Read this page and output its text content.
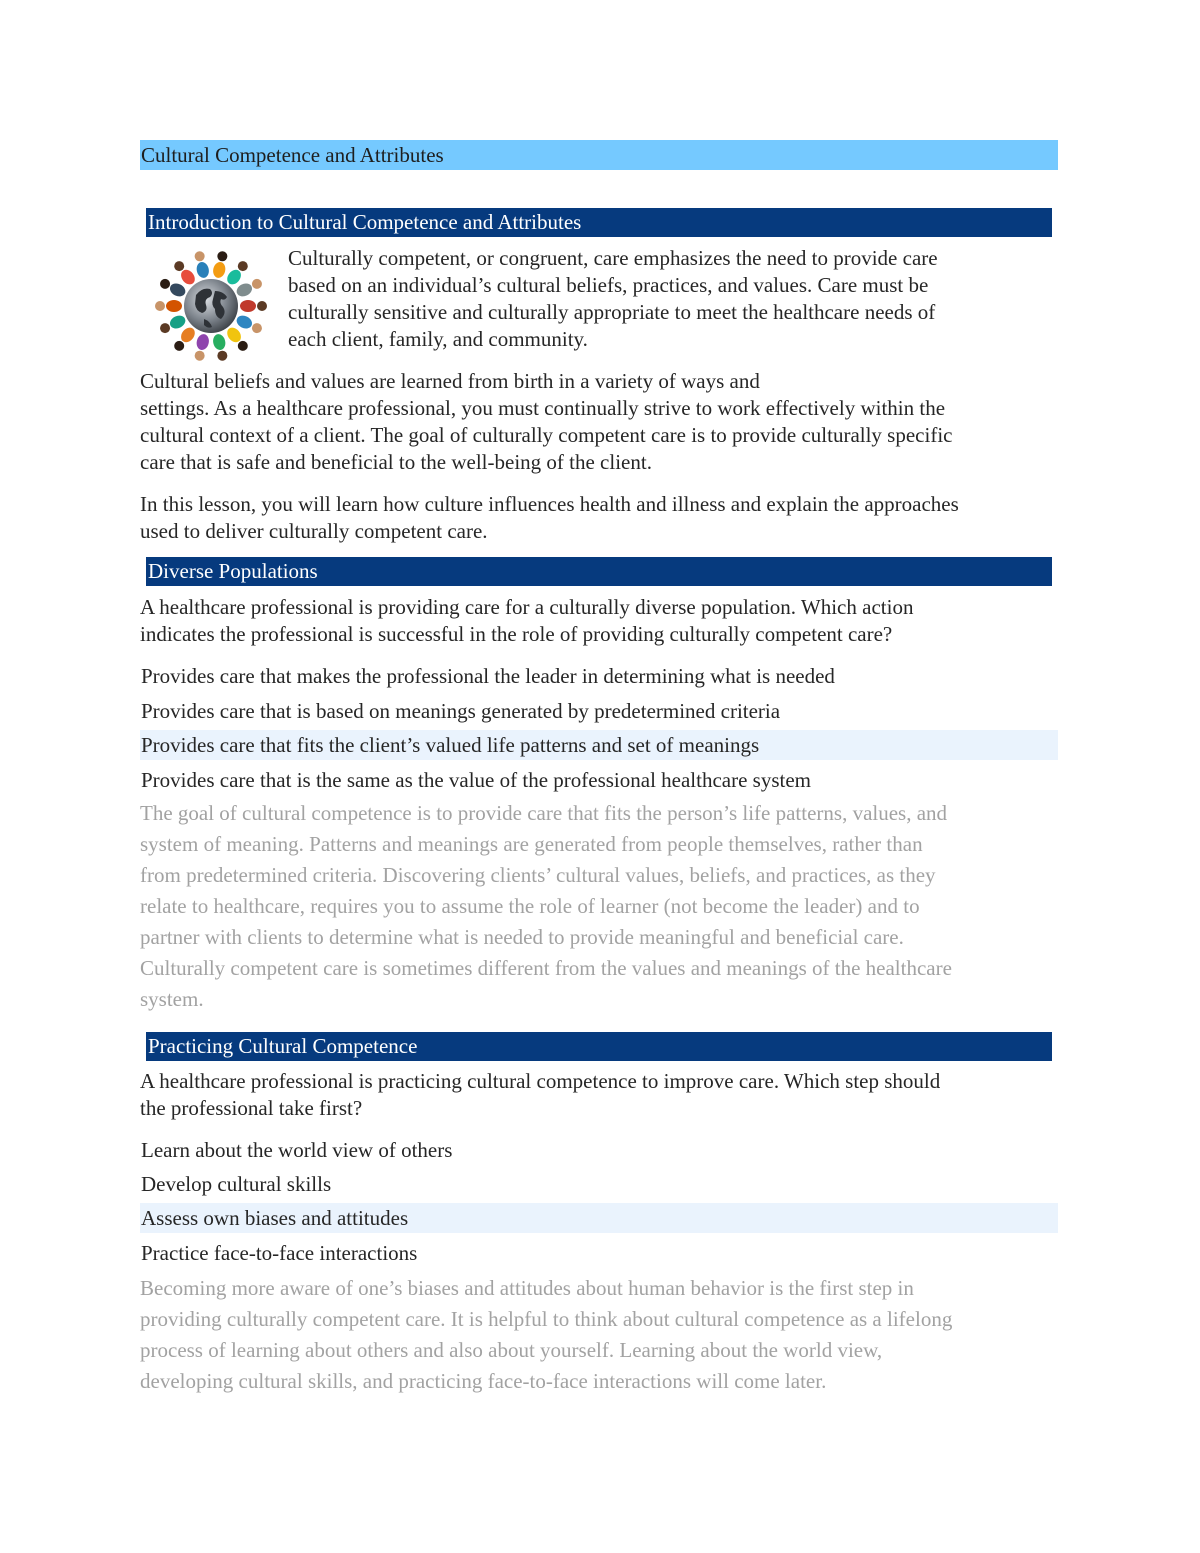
Cultural Competence and Attributes
Introduction to Cultural Competence and Attributes
Culturally competent, or congruent, care emphasizes the need to provide care
based on an individual’s cultural beliefs, practices, and values. Care must be
culturally sensitive and culturally appropriate to meet the healthcare needs of
each client, family, and community.
Cultural beliefs and values are learned from birth in a variety of ways and
settings. As a healthcare professional, you must continually strive to work effectively within the
cultural context of a client. The goal of culturally competent care is to provide culturally specific
care that is safe and beneficial to the well-being of the client.
In this lesson, you will learn how culture influences health and illness and explain the approaches
used to deliver culturally competent care.
Diverse Populations
A healthcare professional is providing care for a culturally diverse population. Which action
indicates the professional is successful in the role of providing culturally competent care?
Provides care that makes the professional the leader in determining what is needed
Provides care that is based on meanings generated by predetermined criteria
Provides care that fits the client’s valued life patterns and set of meanings
Provides care that is the same as the value of the professional healthcare system
The goal of cultural competence is to provide care that fits the person’s life patterns, values, and
system of meaning. Patterns and meanings are generated from people themselves, rather than
from predetermined criteria. Discovering clients’ cultural values, beliefs, and practices, as they
relate to healthcare, requires you to assume the role of learner (not become the leader) and to
partner with clients to determine what is needed to provide meaningful and beneficial care.
Culturally competent care is sometimes different from the values and meanings of the healthcare
system.
Practicing Cultural Competence
A healthcare professional is practicing cultural competence to improve care. Which step should
the professional take first?
Learn about the world view of others
Develop cultural skills
Assess own biases and attitudes
Practice face-to-face interactions
Becoming more aware of one’s biases and attitudes about human behavior is the first step in
providing culturally competent care. It is helpful to think about cultural competence as a lifelong
process of learning about others and also about yourself. Learning about the world view,
developing cultural skills, and practicing face-to-face interactions will come later.
